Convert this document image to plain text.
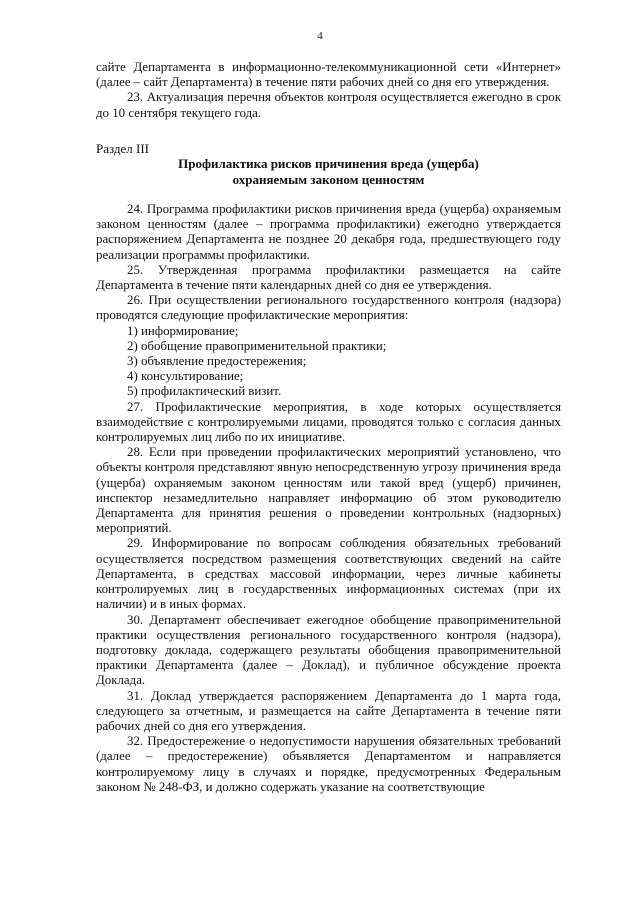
4

сайте Департамента в информационно-телекоммуникационной сети «Интернет» (далее – сайт Департамента) в течение пяти рабочих дней со дня его утверждения.

23. Актуализация перечня объектов контроля осуществляется ежегодно в срок до 10 сентября текущего года.

Раздел III

Профилактика рисков причинения вреда (ущерба)
охраняемым законом ценностям

24. Программа профилактики рисков причинения вреда (ущерба) охраняемым законом ценностям (далее – программа профилактики) ежегодно утверждается распоряжением Департамента не позднее 20 декабря года, предшествующего году реализации программы профилактики.

25. Утвержденная программа профилактики размещается на сайте Департамента в течение пяти календарных дней со дня ее утверждения.

26. При осуществлении регионального государственного контроля (надзора) проводятся следующие профилактические мероприятия:

1) информирование;

2) обобщение правоприменительной практики;

3) объявление предостережения;

4) консультирование;

5) профилактический визит.

27. Профилактические мероприятия, в ходе которых осуществляется взаимодействие с контролируемыми лицами, проводятся только с согласия данных контролируемых лиц либо по их инициативе.

28. Если при проведении профилактических мероприятий установлено, что объекты контроля представляют явную непосредственную угрозу причинения вреда (ущерба) охраняемым законом ценностям или такой вред (ущерб) причинен, инспектор незамедлительно направляет информацию об этом руководителю Департамента для принятия решения о проведении контрольных (надзорных) мероприятий.

29. Информирование по вопросам соблюдения обязательных требований осуществляется посредством размещения соответствующих сведений на сайте Департамента, в средствах массовой информации, через личные кабинеты контролируемых лиц в государственных информационных системах (при их наличии) и в иных формах.

30. Департамент обеспечивает ежегодное обобщение правоприменительной практики осуществления регионального государственного контроля (надзора), подготовку доклада, содержащего результаты обобщения правоприменительной практики Департамента (далее – Доклад), и публичное обсуждение проекта Доклада.

31. Доклад утверждается распоряжением Департамента до 1 марта года, следующего за отчетным, и размещается на сайте Департамента в течение пяти рабочих дней со дня его утверждения.

32. Предостережение о недопустимости нарушения обязательных требований (далее – предостережение) объявляется Департаментом и направляется контролируемому лицу в случаях и порядке, предусмотренных Федеральным законом № 248-ФЗ, и должно содержать указание на соответствующие
